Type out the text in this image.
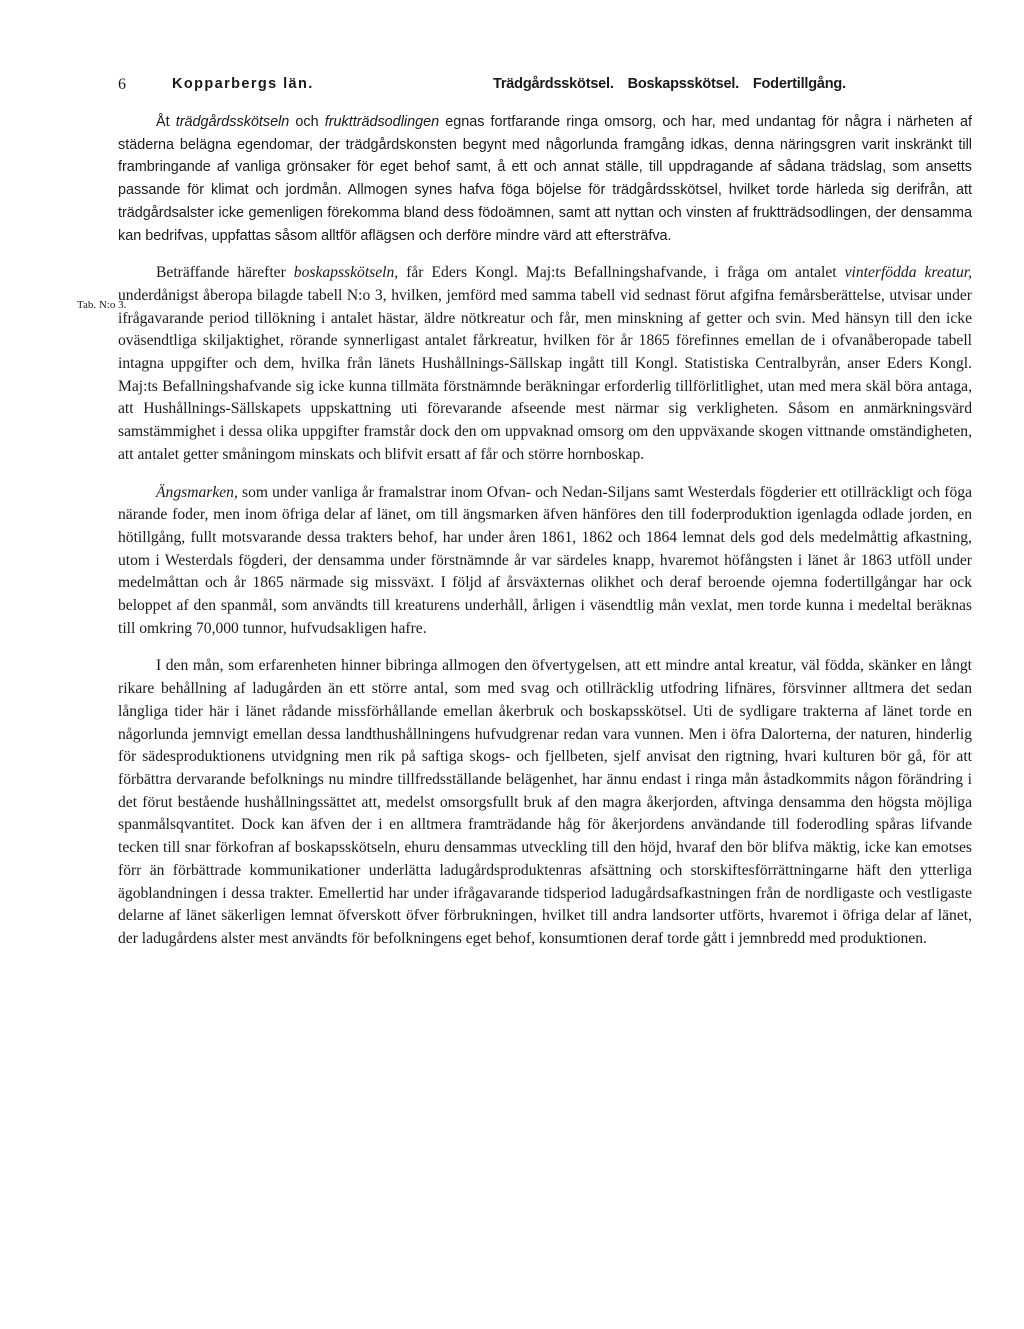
6	Kopparbergs län.	Trädgårdsskötsel. Boskapsskötsel. Fodertillgång.
Tab. N:o 3.

Åt trädgårdsskötseln och fruktträdsodlingen egnas fortfarande ringa omsorg, och har, med undantag för några i närheten af städerna belägna egendomar, der trädgårdskonsten begynt med någorlunda framgång idkas, denna näringsgren varit inskränkt till frambringande af vanliga grönsaker för eget behof samt, å ett och annat ställe, till uppdragande af sådana trädslag, som ansetts passande för klimat och jordmån. Allmogen synes hafva föga böjelse för trädgårdsskötsel, hvilket torde härleda sig derifrån, att trädgårdsalster icke gemenligen förekomma bland dess födoämnen, samt att nyttan och vinsten af fruktträdsodlingen, der densamma kan bedrifvas, uppfattas såsom alltför aflägsen och derföre mindre värd att eftersträfva.

Beträffande härefter boskapsskötseln, får Eders Kongl. Maj:ts Befallningshafvande, i fråga om antalet vinterfödda kreatur, underdånigst åberopa bilagde tabell N:o 3, hvilken, jemförd med samma tabell vid sednast förut afgifna femårsberättelse, utvisar under ifrågavarande period tillökning i antalet hästar, äldre nötkreatur och får, men minskning af getter och svin. Med hänsyn till den icke oväsendtliga skiljaktighet, rörande synnerligast antalet fårkreatur, hvilken för år 1865 förefinnes emellan de i ofvanåberopade tabell intagna uppgifter och dem, hvilka från länets Hushållnings-Sällskap ingått till Kongl. Statistiska Centralbyrån, anser Eders Kongl. Maj:ts Befallningshafvande sig icke kunna tillmäta förstnämnde beräkningar erforderlig tillförlitlighet, utan med mera skäl böra antaga, att Hushållnings-Sällskapets uppskattning uti förevarande afseende mest närmar sig verkligheten. Såsom en anmärkningsvärd samstämmighet i dessa olika uppgifter framstår dock den om uppvaknad omsorg om den uppväxande skogen vittnande omständigheten, att antalet getter småningom minskats och blifvit ersatt af får och större hornboskap.

Ängsmarken, som under vanliga år framalstrar inom Ofvan- och Nedan-Siljans samt Westerdals fögderier ett otillräckligt och föga närande foder, men inom öfriga delar af länet, om till ängsmarken äfven hänföres den till foderproduktion igenlagda odlade jorden, en hötillgång, fullt motsvarande dessa trakters behof, har under åren 1861, 1862 och 1864 lemnat dels god dels medelmåttig afkastning, utom i Westerdals fögderi, der densamma under förstnämnde år var särdeles knapp, hvaremot höfångsten i länet år 1863 utföll under medelmåttan och år 1865 närmade sig missväxt. I följd af årsväxternas olikhet och deraf beroende ojemna fodertillgångar har ock beloppet af den spanmål, som användts till kreaturens underhåll, årligen i väsendtlig mån vexlat, men torde kunna i medeltal beräknas till omkring 70,000 tunnor, hufvudsakligen hafre.

I den mån, som erfarenheten hinner bibringa allmogen den öfvertygelsen, att ett mindre antal kreatur, väl födda, skänker en långt rikare behållning af ladugården än ett större antal, som med svag och otillräcklig utfodring lifnäres, försvinner alltmera det sedan långliga tider här i länet rådande missförhållande emellan åkerbruk och boskapsskötsel. Uti de sydligare trakterna af länet torde en någorlunda jemnvigt emellan dessa landthushållningens hufvudgrenar redan vara vunnen. Men i öfra Dalorterna, der naturen, hinderlig för sädesproduktionens utvidgning men rik på saftiga skogs- och fjellbeten, sjelf anvisat den rigtning, hvari kulturen bör gå, för att förbättra dervarande befolknings nu mindre tillfredsställande belägenhet, har ännu endast i ringa mån åstadkommits någon förändring i det förut bestående hushållningssättet att, medelst omsorgsfullt bruk af den magra åkerjorden, aftvinga densamma den högsta möjliga spanmålsqvantitet. Dock kan äfven der i en alltmera framträdande håg för åkerjordens användande till foderodling spåras lifvande tecken till snar förkofran af boskapsskötseln, ehuru densammas utveckling till den höjd, hvaraf den bör blifva mäktig, icke kan emotses förr än förbättrade kommunikationer underlätta ladugårdsproduktenras afsättning och storskiftesförrättningarne häft den ytterliga ägoblandningen i dessa trakter. Emellertid har under ifrågavarande tidsperiod ladugårdsafkastningen från de nordligaste och vestligaste delarne af länet säkerligen lemnat öfverskott öfver förbrukningen, hvilket till andra landsorter utförts, hvaremot i öfriga delar af länet, der ladugårdens alster mest användts för befolkningens eget behof, konsumtionen deraf torde gått i jemnbredd med produktionen.
